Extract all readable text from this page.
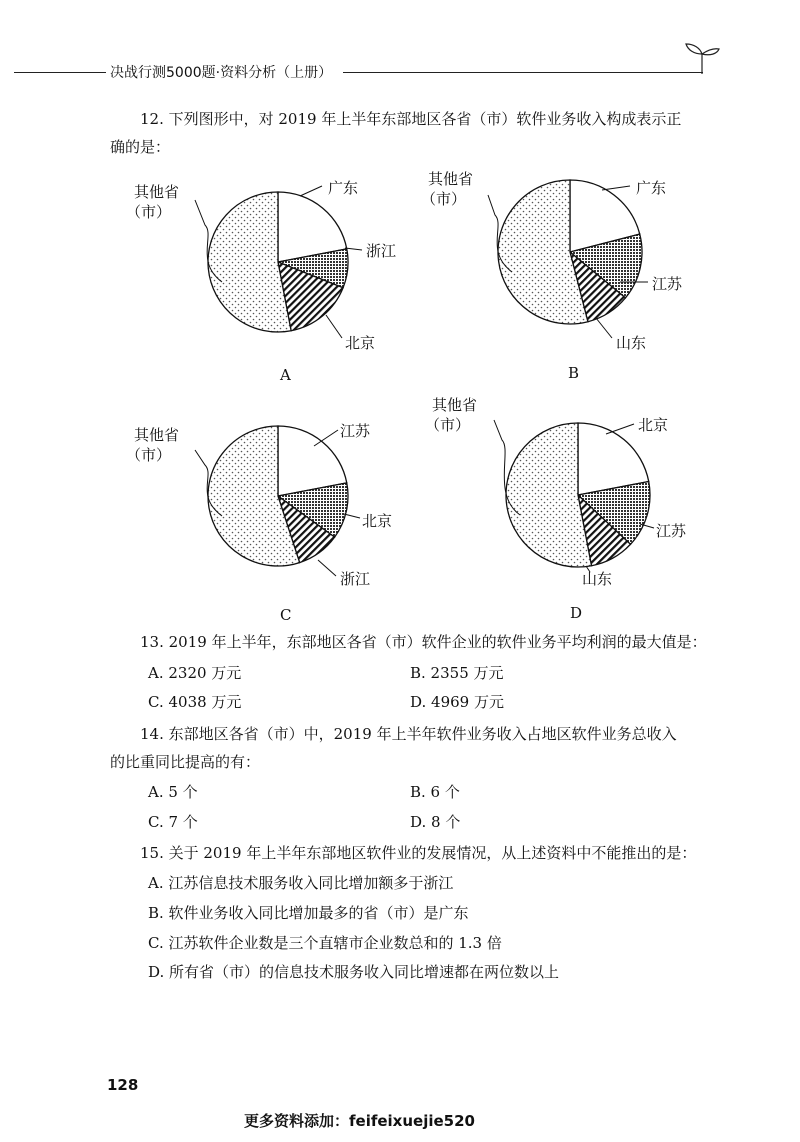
决战行测5000题·资料分析（上册）
12. 下列图形中，对 2019 年上半年东部地区各省（市）软件业务收入构成表示正
确的是：
其他省
（市）
广东
浙江
北京
A
其他省
（市）
广东
江苏
山东
B
其他省
（市）
江苏
北京
浙江
C
其他省
（市）	北京
江苏
山东
D
13. 2019 年上半年，东部地区各省（市）软件企业的软件业务平均利润的最大值是：
A. 2320 万元	B. 2355 万元
C. 4038 万元	D. 4969 万元
14. 东部地区各省（市）中，2019 年上半年软件业务收入占地区软件业务总收入
的比重同比提高的有：
A. 5 个	B. 6 个
C. 7 个	D. 8 个
15. 关于 2019 年上半年东部地区软件业的发展情况，从上述资料中不能推出的是：
A. 江苏信息技术服务收入同比增加额多于浙江
B. 软件业务收入同比增加最多的省（市）是广东
C. 江苏软件企业数是三个直辖市企业数总和的 1.3 倍
D. 所有省（市）的信息技术服务收入同比增速都在两位数以上
128
更多资料添加：feifeixuejie520
